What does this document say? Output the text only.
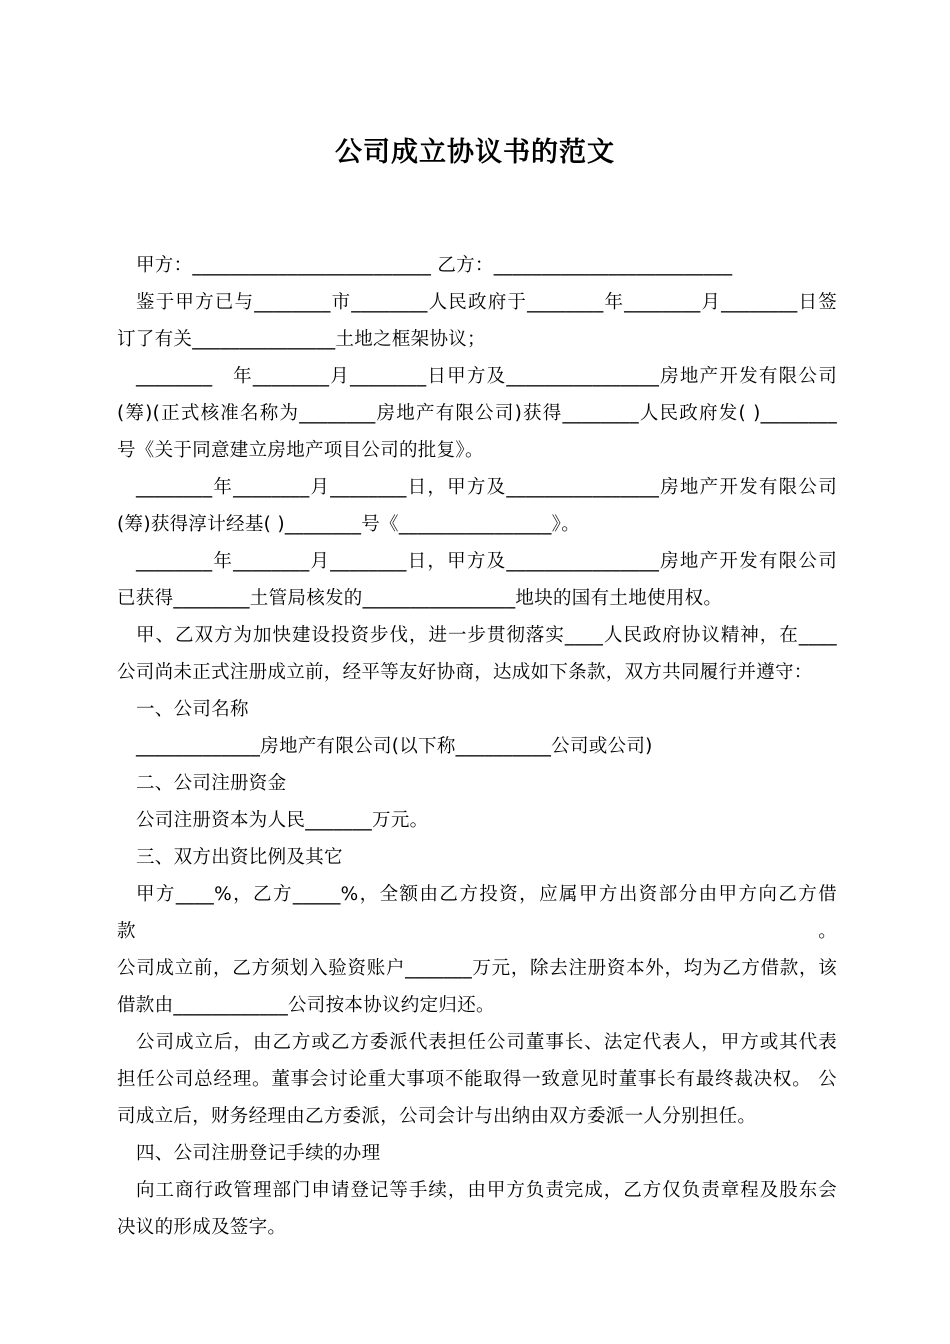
公司成立协议书的范文

甲方：_________________________ 乙方：_________________________

鉴于甲方已与________市________人民政府于________年________月________日签

订了有关_______________土地之框架协议；

________　年________月________日甲方及________________房地产开发有限公司

(筹)(正式核准名称为________房地产有限公司)获得________人民政府发( )________

号《关于同意建立房地产项目公司的批复》。

________年________月________日，甲方及________________房地产开发有限公司

(筹)获得淳计经基( )________号《________________》。

________年________月________日，甲方及________________房地产开发有限公司

已获得________土管局核发的________________地块的国有土地使用权。

甲、乙双方为加快建设投资步伐，进一步贯彻落实____人民政府协议精神，在____

公司尚未正式注册成立前，经平等友好协商，达成如下条款，双方共同履行并遵守：

一、公司名称

_____________房地产有限公司(以下称__________公司或公司)

二、公司注册资金

公司注册资本为人民_______万元。

三、双方出资比例及其它

甲方____%，乙方_____%，全额由乙方投资，应属甲方出资部分由甲方向乙方借款。

公司成立前，乙方须划入验资账户_______万元，除去注册资本外，均为乙方借款，该

借款由____________公司按本协议约定归还。

公司成立后，由乙方或乙方委派代表担任公司董事长、法定代表人，甲方或其代表

担任公司总经理。董事会讨论重大事项不能取得一致意见时董事长有最终裁决权。 公

司成立后，财务经理由乙方委派，公司会计与出纳由双方委派一人分别担任。

四、公司注册登记手续的办理

向工商行政管理部门申请登记等手续，由甲方负责完成，乙方仅负责章程及股东会

决议的形成及签字。
